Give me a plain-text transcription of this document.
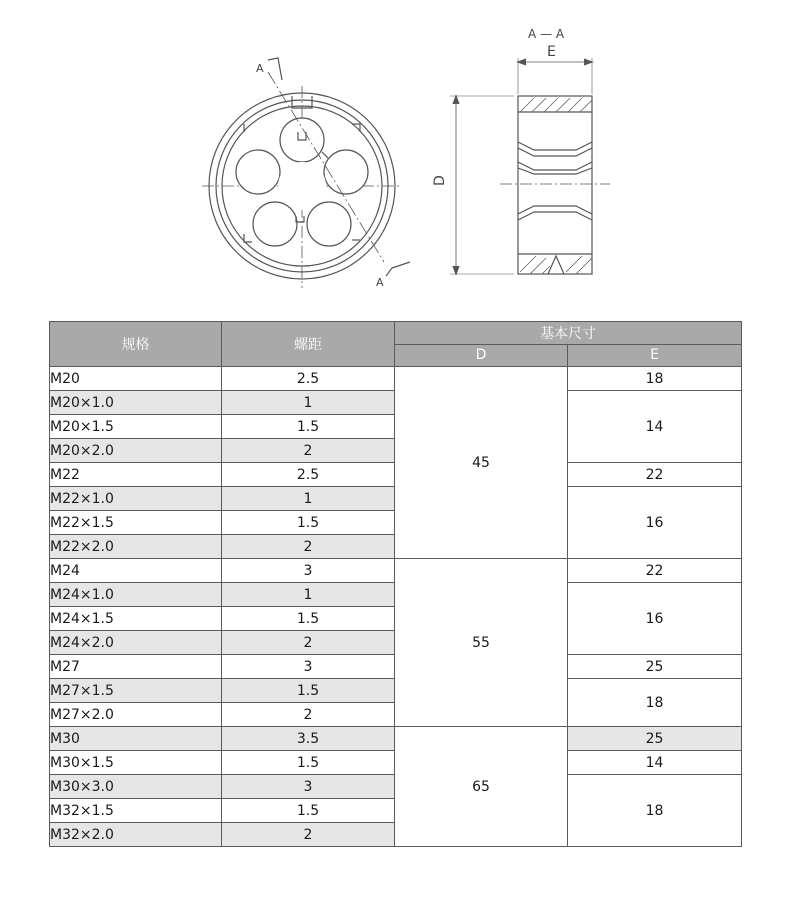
A
A
A — A
E
D
规格	螺距	基本尺寸	
		D	E
M20	2.5	45	18
M20×1.0	1		14
M20×1.5	1.5		
M20×2.0	2		
M22	2.5		22
M22×1.0	1		16
M22×1.5	1.5		
M22×2.0	2		
M24	3	55	22
M24×1.0	1		16
M24×1.5	1.5		
M24×2.0	2		
M27	3		25
M27×1.5	1.5		18
M27×2.0	2		
M30	3.5	65	25
M30×1.5	1.5		14
M30×3.0	3		18
M32×1.5	1.5		
M32×2.0	2		
